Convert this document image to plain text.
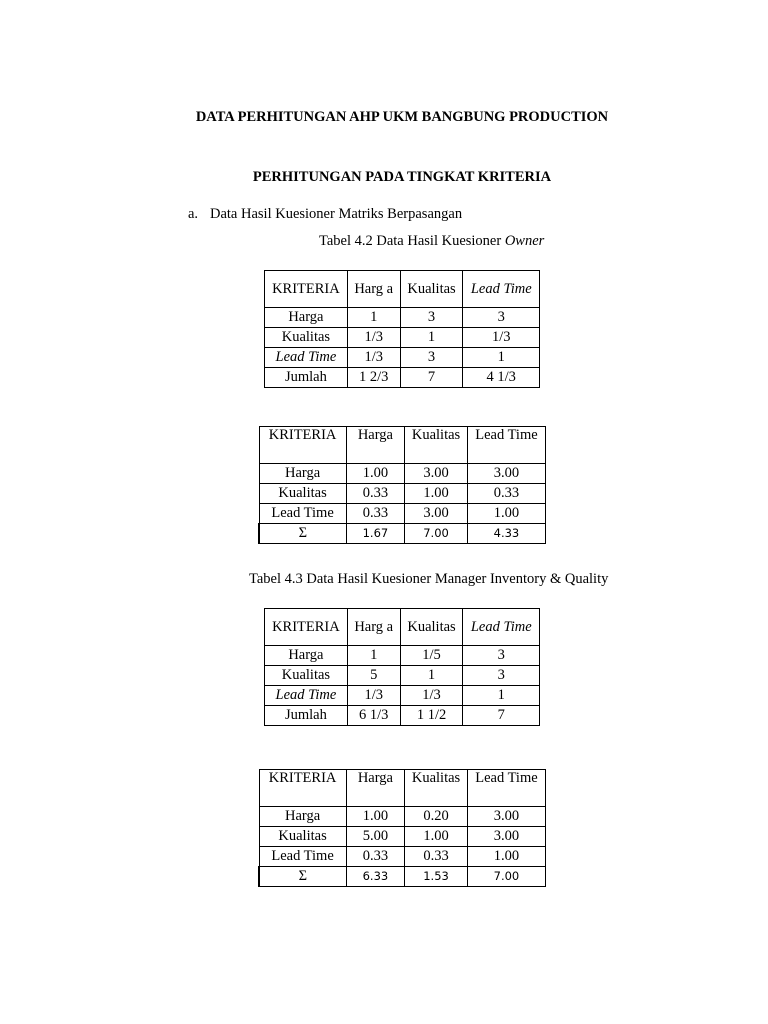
DATA PERHITUNGAN AHP UKM BANGBUNG PRODUCTION
PERHITUNGAN PADA TINGKAT KRITERIA
a. Data Hasil Kuesioner Matriks Berpasangan
Tabel 4.2 Data Hasil Kuesioner Owner
KRITERIA	Harg a	Kualitas	Lead Time
Harga	1	3	3
Kualitas	1/3	1	1/3
Lead Time	1/3	3	1
Jumlah	1 2/3	7	4 1/3
KRITERIA	Harga	Kualitas	Lead Time
Harga	1.00	3.00	3.00
Kualitas	0.33	1.00	0.33
Lead Time	0.33	3.00	1.00
Σ	1.67	7.00	4.33
Tabel 4.3 Data Hasil Kuesioner Manager Inventory & Quality
KRITERIA	Harg a	Kualitas	Lead Time
Harga	1	1/5	3
Kualitas	5	1	3
Lead Time	1/3	1/3	1
Jumlah	6 1/3	1 1/2	7
KRITERIA	Harga	Kualitas	Lead Time
Harga	1.00	0.20	3.00
Kualitas	5.00	1.00	3.00
Lead Time	0.33	0.33	1.00
Σ	6.33	1.53	7.00
